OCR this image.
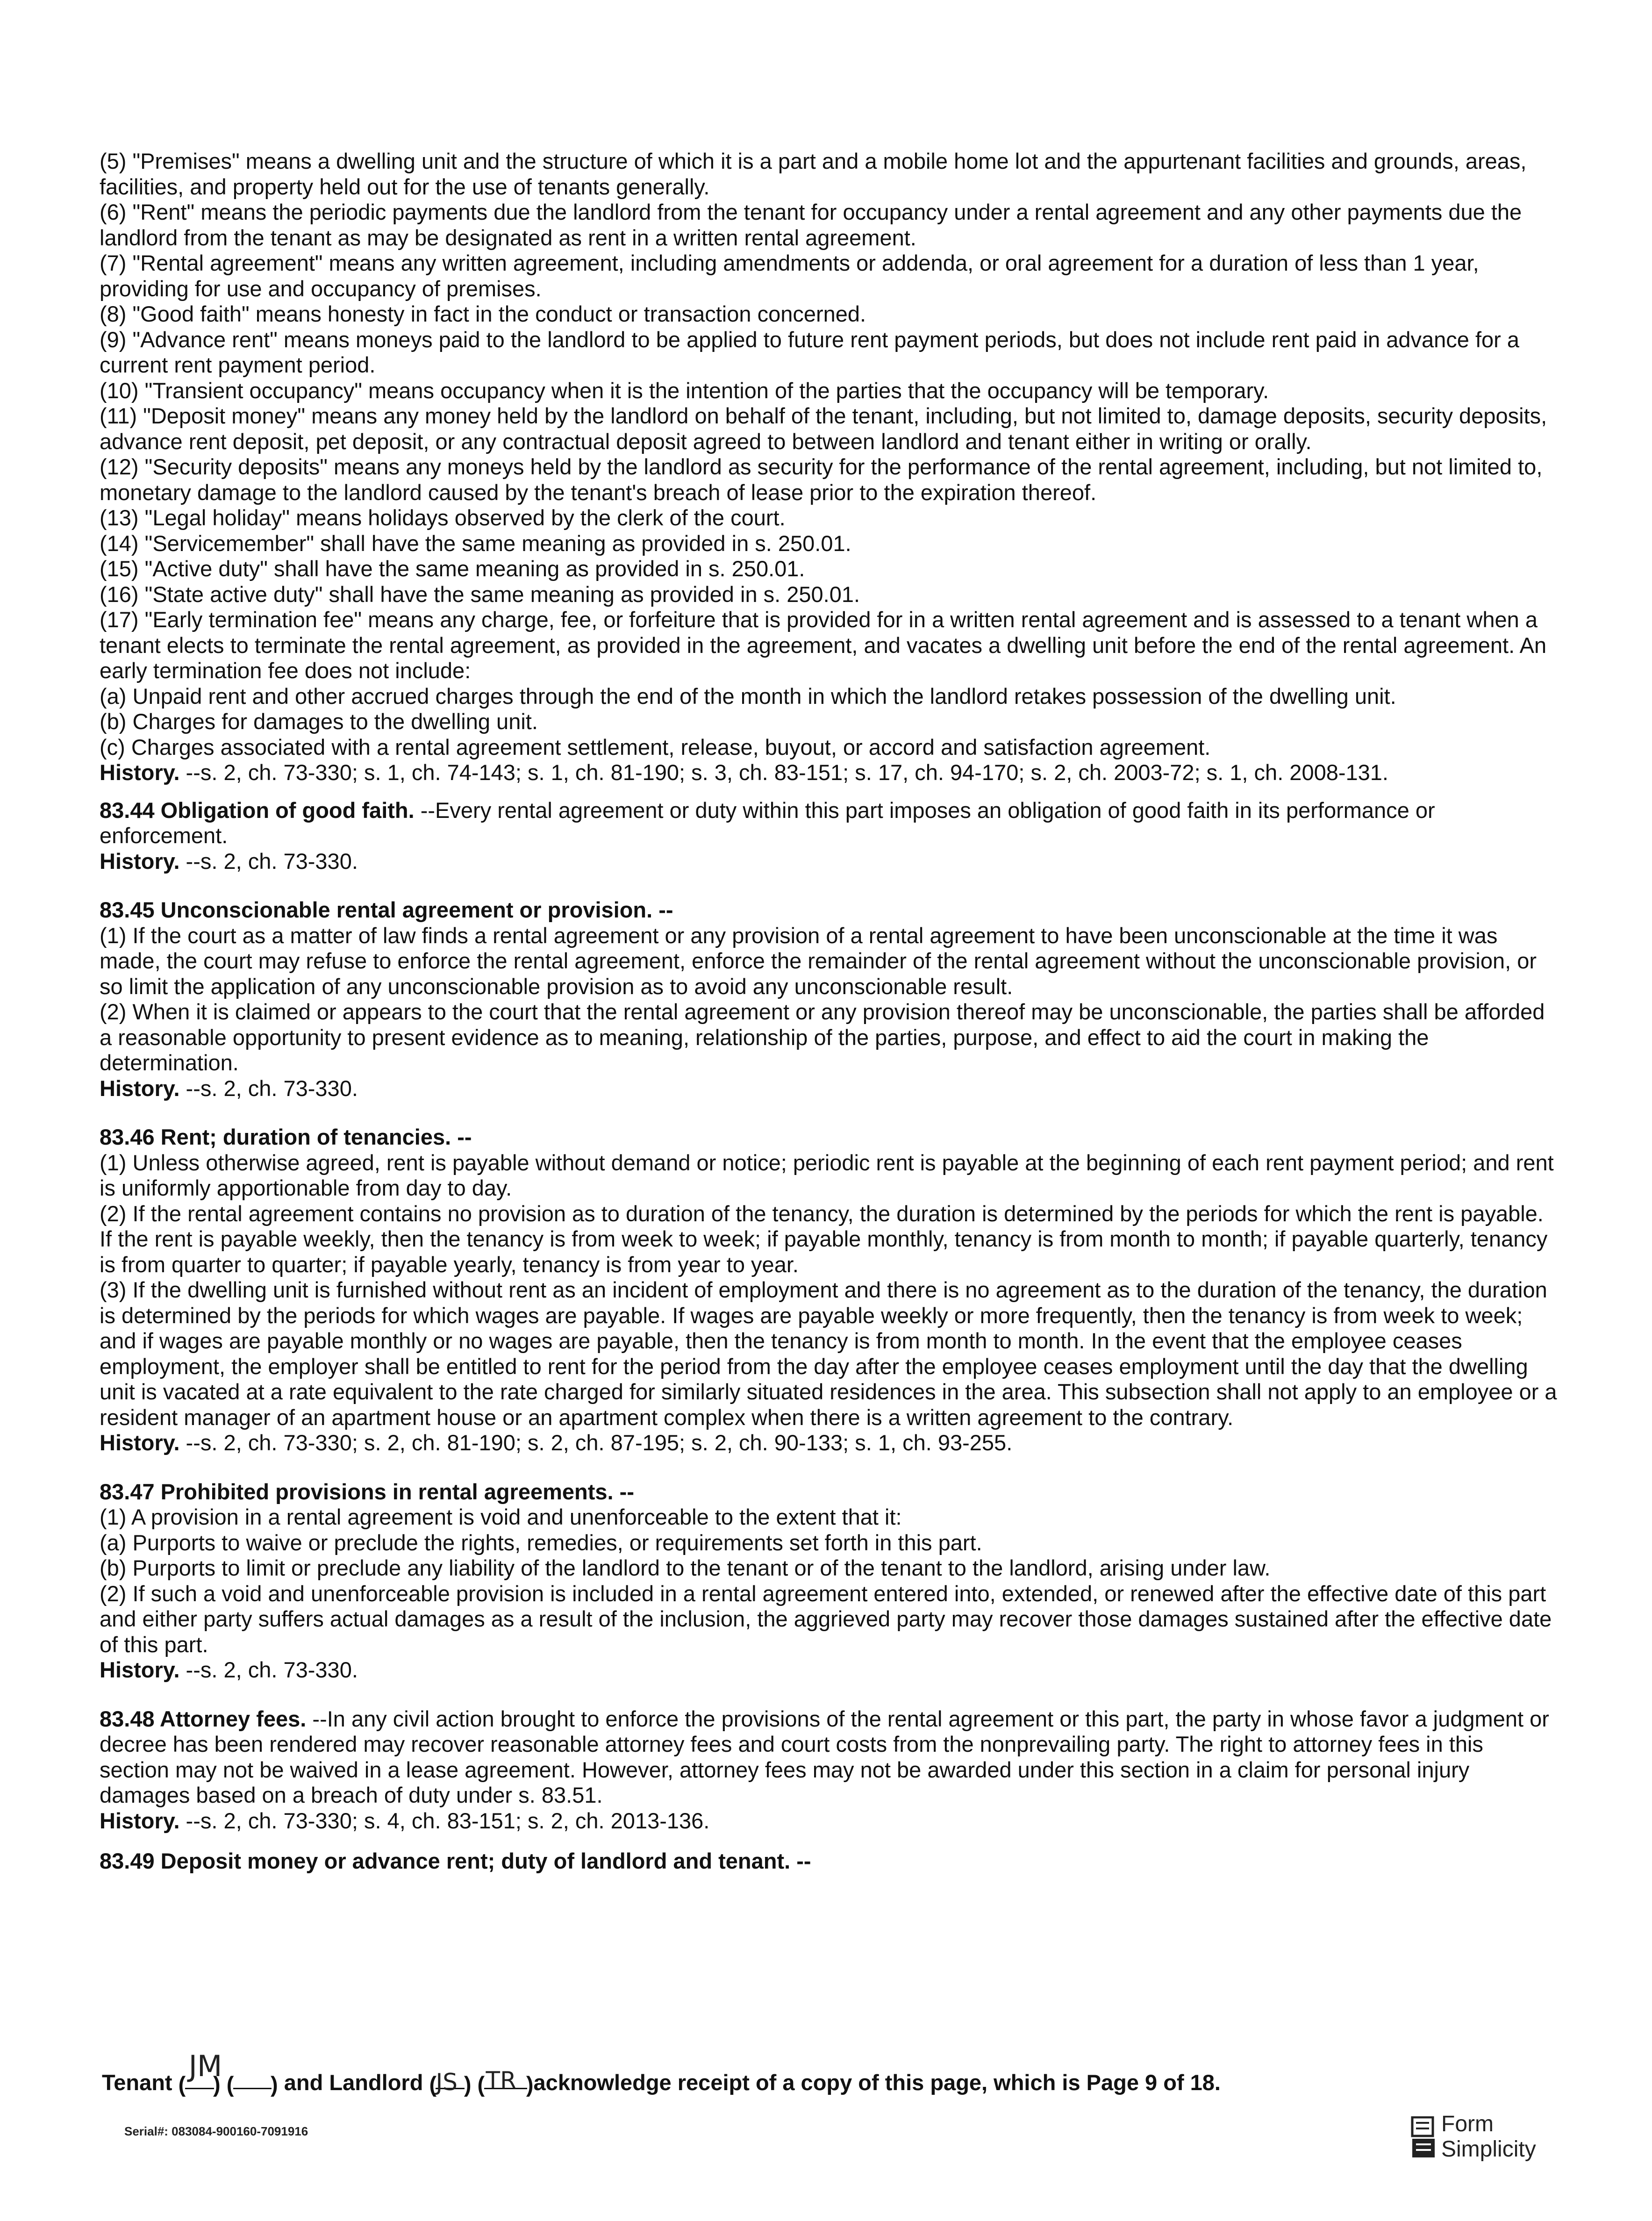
(5) "Premises" means a dwelling unit and the structure of which it is a part and a mobile home lot and the appurtenant facilities and grounds, areas, facilities, and property held out for the use of tenants generally.

(6) "Rent" means the periodic payments due the landlord from the tenant for occupancy under a rental agreement and any other payments due the landlord from the tenant as may be designated as rent in a written rental agreement.

(7) "Rental agreement" means any written agreement, including amendments or addenda, or oral agreement for a duration of less than 1 year, providing for use and occupancy of premises.

(8) "Good faith" means honesty in fact in the conduct or transaction concerned.

(9) "Advance rent" means moneys paid to the landlord to be applied to future rent payment periods, but does not include rent paid in advance for a current rent payment period.

(10) "Transient occupancy" means occupancy when it is the intention of the parties that the occupancy will be temporary.

(11) "Deposit money" means any money held by the landlord on behalf of the tenant, including, but not limited to, damage deposits, security deposits, advance rent deposit, pet deposit, or any contractual deposit agreed to between landlord and tenant either in writing or orally.

(12) "Security deposits" means any moneys held by the landlord as security for the performance of the rental agreement, including, but not limited to, monetary damage to the landlord caused by the tenant's breach of lease prior to the expiration thereof.

(13) "Legal holiday" means holidays observed by the clerk of the court.

(14) "Servicemember" shall have the same meaning as provided in s. 250.01.

(15) "Active duty" shall have the same meaning as provided in s. 250.01.

(16) "State active duty" shall have the same meaning as provided in s. 250.01.

(17) "Early termination fee" means any charge, fee, or forfeiture that is provided for in a written rental agreement and is assessed to a tenant when a tenant elects to terminate the rental agreement, as provided in the agreement, and vacates a dwelling unit before the end of the rental agreement. An early termination fee does not include:

(a) Unpaid rent and other accrued charges through the end of the month in which the landlord retakes possession of the dwelling unit.

(b) Charges for damages to the dwelling unit.

(c) Charges associated with a rental agreement settlement, release, buyout, or accord and satisfaction agreement.

History. --s. 2, ch. 73-330; s. 1, ch. 74-143; s. 1, ch. 81-190; s. 3, ch. 83-151; s. 17, ch. 94-170; s. 2, ch. 2003-72; s. 1, ch. 2008-131.

83.44 Obligation of good faith. --Every rental agreement or duty within this part imposes an obligation of good faith in its performance or enforcement.

History. --s. 2, ch. 73-330.

83.45 Unconscionable rental agreement or provision. --

(1) If the court as a matter of law finds a rental agreement or any provision of a rental agreement to have been unconscionable at the time it was made, the court may refuse to enforce the rental agreement, enforce the remainder of the rental agreement without the unconscionable provision, or so limit the application of any unconscionable provision as to avoid any unconscionable result.

(2) When it is claimed or appears to the court that the rental agreement or any provision thereof may be unconscionable, the parties shall be afforded a reasonable opportunity to present evidence as to meaning, relationship of the parties, purpose, and effect to aid the court in making the determination.

History. --s. 2, ch. 73-330.

83.46 Rent; duration of tenancies. --

(1) Unless otherwise agreed, rent is payable without demand or notice; periodic rent is payable at the beginning of each rent payment period; and rent is uniformly apportionable from day to day.

(2) If the rental agreement contains no provision as to duration of the tenancy, the duration is determined by the periods for which the rent is payable. If the rent is payable weekly, then the tenancy is from week to week; if payable monthly, tenancy is from month to month; if payable quarterly, tenancy is from quarter to quarter; if payable yearly, tenancy is from year to year.

(3) If the dwelling unit is furnished without rent as an incident of employment and there is no agreement as to the duration of the tenancy, the duration is determined by the periods for which wages are payable. If wages are payable weekly or more frequently, then the tenancy is from week to week; and if wages are payable monthly or no wages are payable, then the tenancy is from month to month. In the event that the employee ceases employment, the employer shall be entitled to rent for the period from the day after the employee ceases employment until the day that the dwelling unit is vacated at a rate equivalent to the rate charged for similarly situated residences in the area. This subsection shall not apply to an employee or a resident manager of an apartment house or an apartment complex when there is a written agreement to the contrary.

History. --s. 2, ch. 73-330; s. 2, ch. 81-190; s. 2, ch. 87-195; s. 2, ch. 90-133; s. 1, ch. 93-255.

83.47 Prohibited provisions in rental agreements. --

(1) A provision in a rental agreement is void and unenforceable to the extent that it:

(a) Purports to waive or preclude the rights, remedies, or requirements set forth in this part.

(b) Purports to limit or preclude any liability of the landlord to the tenant or of the tenant to the landlord, arising under law.

(2) If such a void and unenforceable provision is included in a rental agreement entered into, extended, or renewed after the effective date of this part and either party suffers actual damages as a result of the inclusion, the aggrieved party may recover those damages sustained after the effective date of this part.

History. --s. 2, ch. 73-330.

83.48 Attorney fees. --In any civil action brought to enforce the provisions of the rental agreement or this part, the party in whose favor a judgment or decree has been rendered may recover reasonable attorney fees and court costs from the nonprevailing party. The right to attorney fees in this section may not be waived in a lease agreement. However, attorney fees may not be awarded under this section in a claim for personal injury damages based on a breach of duty under s. 83.51.

History. --s. 2, ch. 73-330; s. 4, ch. 83-151; s. 2, ch. 2013-136.

83.49 Deposit money or advance rent; duty of landlord and tenant. --

Tenant ( JM
) (
)	and Landlord ( JS
) ( TR
) acknowledge receipt of a copy of this page, which is Page 9 of 18.
Serial#: 083084-900160-7091916	Form
Simplicity
